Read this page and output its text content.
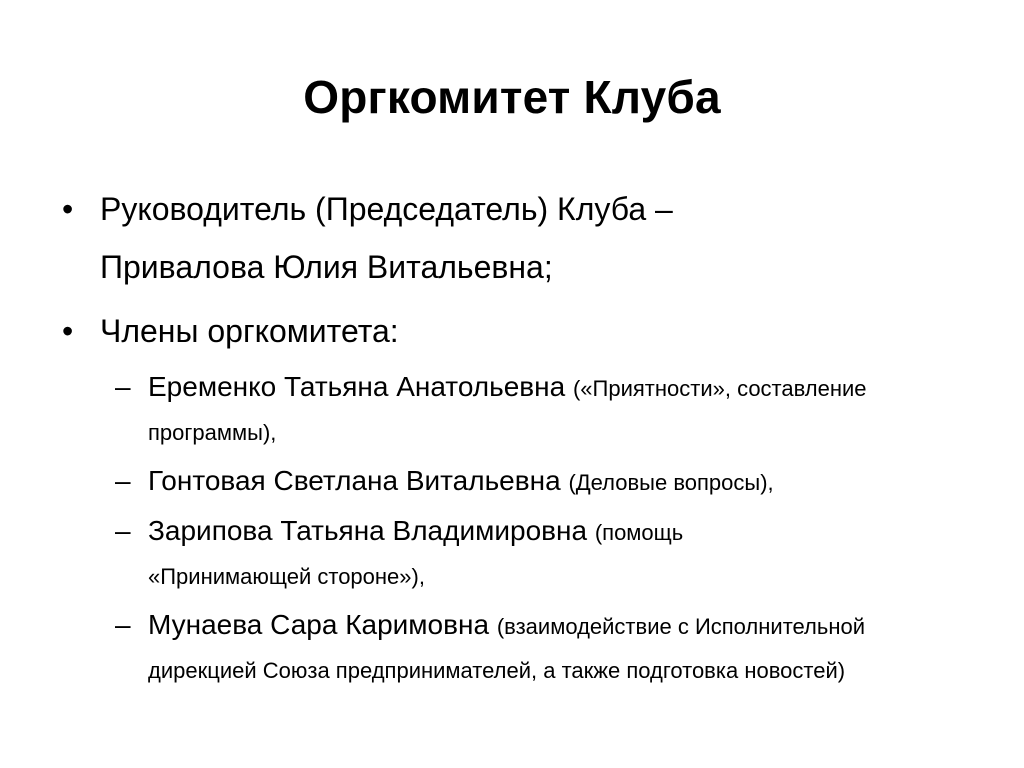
Оргкомитет Клуба
• Руководитель (Председатель) Клуба – Привалова Юлия Витальевна;
• Члены оргкомитета:
– Еременко Татьяна Анатольевна («Приятности», составление программы),
– Гонтовая Светлана Витальевна (Деловые вопросы),
– Зарипова Татьяна Владимировна (помощь «Принимающей стороне»),
– Мунаева Сара Каримовна (взаимодействие с Исполнительной дирекцией Союза предпринимателей, а также подготовка новостей)
